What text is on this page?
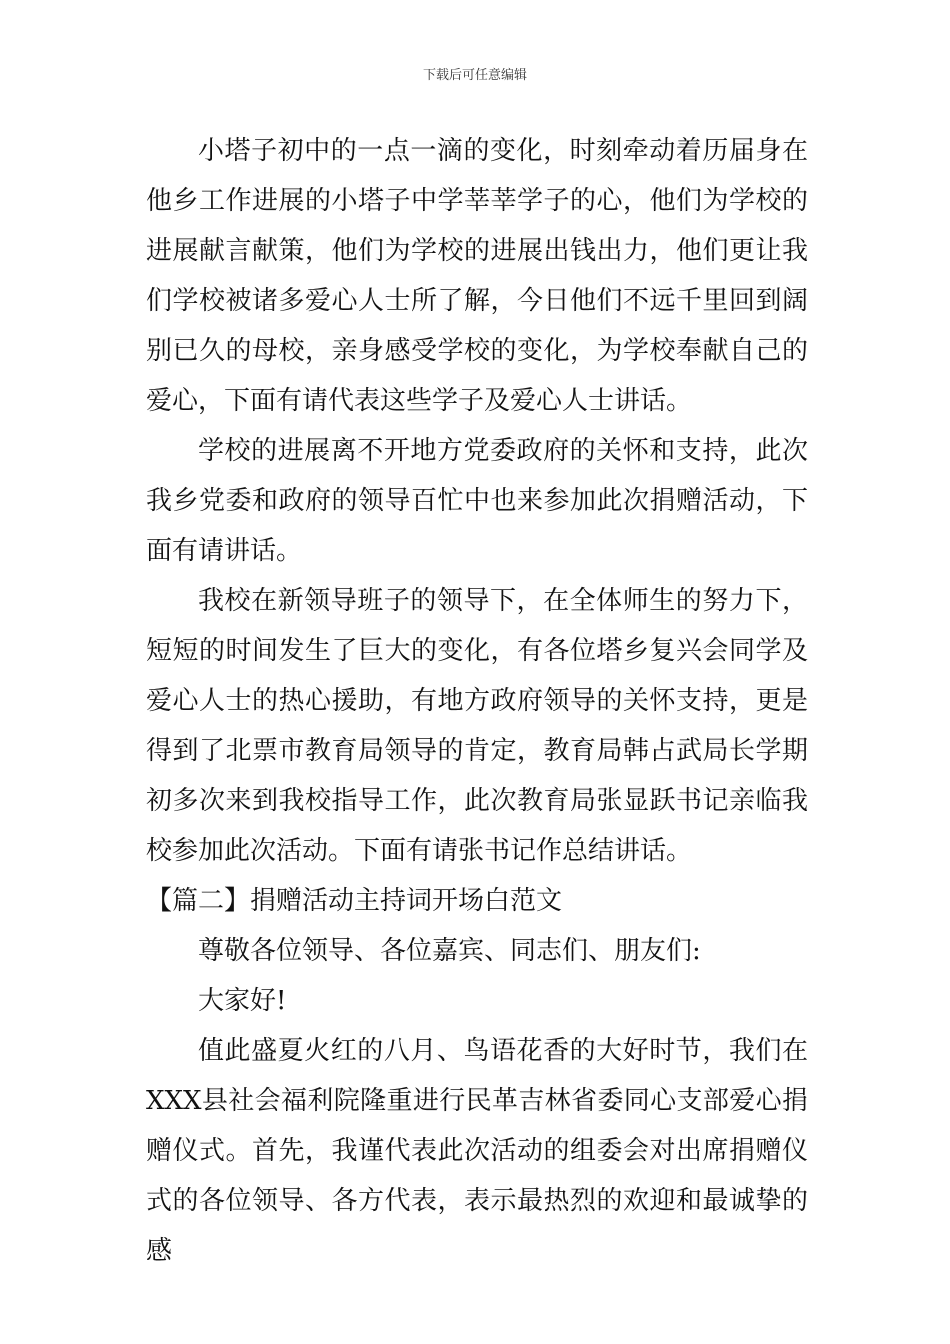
下载后可任意编辑

小塔子初中的一点一滴的变化，时刻牵动着历届身在他乡工作进展的小塔子中学莘莘学子的心，他们为学校的进展献言献策，他们为学校的进展出钱出力，他们更让我们学校被诸多爱心人士所了解，今日他们不远千里回到阔别已久的母校，亲身感受学校的变化，为学校奉献自己的爱心，下面有请代表这些学子及爱心人士讲话。

学校的进展离不开地方党委政府的关怀和支持，此次我乡党委和政府的领导百忙中也来参加此次捐赠活动，下面有请讲话。

我校在新领导班子的领导下，在全体师生的努力下，短短的时间发生了巨大的变化，有各位塔乡复兴会同学及爱心人士的热心援助，有地方政府领导的关怀支持，更是得到了北票市教育局领导的肯定，教育局韩占武局长学期初多次来到我校指导工作，此次教育局张显跃书记亲临我校参加此次活动。下面有请张书记作总结讲话。

【篇二】捐赠活动主持词开场白范文

尊敬各位领导、各位嘉宾、同志们、朋友们:

大家好!

值此盛夏火红的八月、鸟语花香的大好时节，我们在XXX县社会福利院隆重进行民革吉林省委同心支部爱心捐赠仪式。首先，我谨代表此次活动的组委会对出席捐赠仪式的各位领导、各方代表，表示最热烈的欢迎和最诚挚的感
